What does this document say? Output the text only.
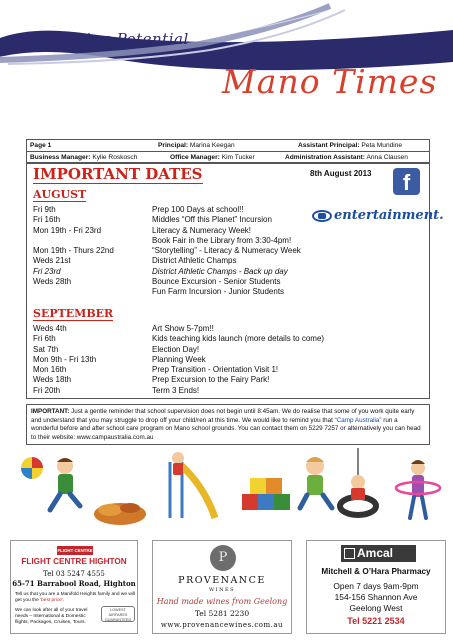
Unleashing Potential
Mano Times
Page 1	Principal: Marina Keegan	Assistant Principal: Peta Mundine
Business Manager: Kylie Roskosch	Office Manager: Kim Tucker	Administration Assistant: Anna Clausen
IMPORTANT DATES	8th August 2013	f
entertainment.
AUGUST
Fri 9th	Prep 100 Days at school!!
Fri 16th	Middles “Off this Planet” Incursion
Mon 19th - Fri 23rd	Literacy & Numeracy Week!
Book Fair in the Library from 3:30-4pm!
Mon 19th - Thurs 22nd	“Storytelling” - Literacy & Numeracy Week
Weds 21st	District Athletic Champs
Fri 23rd	District Athletic Champs - Back up day
Weds 28th	Bounce Excursion - Senior Students
Fun Farm Incursion - Junior Students
SEPTEMBER
Weds 4th	Art Show 5-7pm!!
Fri 6th	Kids teaching kids launch (more details to come)
Sat 7th	Election Day!
Mon 9th - Fri 13th	Planning Week
Mon 16th	Prep Transition - Orientation Visit 1!
Weds 18th	Prep Excursion to the Fairy Park!
Fri 20th	Term 3 Ends!
IMPORTANT: Just a gentle reminder that school supervision does not begin until 8:45am. We do realise that some of you work quite early and understand that you may struggle to drop off your child/ren at this time. We would like to remind you that “Camp Australia” run a wonderful before and after school care program on Mano school grounds. You can contact them on 5229 7257 or alternatively you can head to their website: www.campaustralia.com.au
FLIGHT CENTRE
FLIGHT CENTRE HIGHTON
Tel 03 5247 4555
65-71 Barrabool Road, Highton
Tell us that you are a Manifold Heights family and we will get you the ‘best price’.
We can look after all of your travel needs – International & Domestic flights, Packages, Cruises, Tours.
LOWEST AIRFARES GUARANTEED
P
PROVENANCE
WINES
Hand made wines from Geelong
Tel 5281 2230
www.provenancewines.com.au
Amcal
Mitchell & O’Hara Pharmacy
Open 7 days 9am-9pm
154-156 Shannon Ave
Geelong West
Tel 5221 2534
